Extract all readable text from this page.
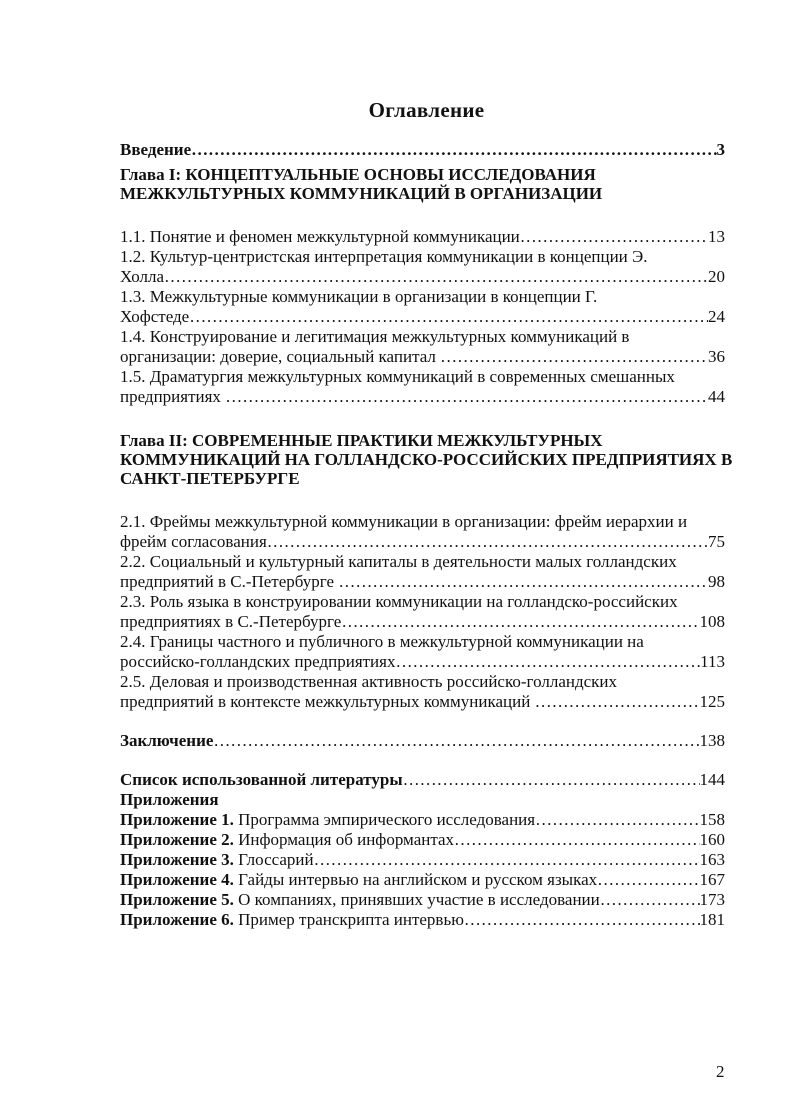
Оглавление
Введение ……………………………………………………………………………………………………………………………………………………………	3
Глава I: КОНЦЕПТУАЛЬНЫЕ ОСНОВЫ ИССЛЕДОВАНИЯ
МЕЖКУЛЬТУРНЫХ КОММУНИКАЦИЙ В ОРГАНИЗАЦИИ
1.1. Понятие и феномен межкультурной коммуникации ……………………………………………………………………………………………………………………………………………………………	13
1.2. Культур-центристская интерпретация коммуникации в концепции Э.
Холла ……………………………………………………………………………………………………………………………………………………………	20
1.3. Межкультурные коммуникации в организации в концепции Г.
Хофстеде ……………………………………………………………………………………………………………………………………………………………	24
1.4. Конструирование и легитимация межкультурных коммуникаций в
организации: доверие, социальный капитал ……………………………………………………………………………………………………………………………………………………………	36
1.5. Драматургия межкультурных коммуникаций в современных смешанных
предприятиях ……………………………………………………………………………………………………………………………………………………………	44
Глава II: СОВРЕМЕННЫЕ ПРАКТИКИ МЕЖКУЛЬТУРНЫХ
КОММУНИКАЦИЙ НА ГОЛЛАНДСКО-РОССИЙСКИХ ПРЕДПРИЯТИЯХ В
САНКТ-ПЕТЕРБУРГЕ
2.1. Фреймы межкультурной коммуникации в организации: фрейм иерархии и
фрейм согласования ……………………………………………………………………………………………………………………………………………………………	75
2.2. Социальный и культурный капиталы в деятельности малых голландских
предприятий в С.-Петербурге ……………………………………………………………………………………………………………………………………………………………	98
2.3. Роль языка в конструировании коммуникации на голландско-российских
предприятиях в С.-Петербурге ……………………………………………………………………………………………………………………………………………………………	108
2.4. Границы частного и публичного в межкультурной коммуникации на
российско-голландских предприятиях ……………………………………………………………………………………………………………………………………………………………	113
2.5. Деловая и производственная активность российско-голландских
предприятий в контексте межкультурных коммуникаций ……………………………………………………………………………………………………………………………………………………………	125
Заключение ……………………………………………………………………………………………………………………………………………………………	138
Список использованной литературы ……………………………………………………………………………………………………………………………………………………………	144
Приложения
Приложение 1. Программа эмпирического исследования ……………………………………………………………………………………………………………………………………………………………	158
Приложение 2. Информация об информантах ……………………………………………………………………………………………………………………………………………………………	160
Приложение 3. Глоссарий ……………………………………………………………………………………………………………………………………………………………	163
Приложение 4. Гайды интервью на английском и русском языках ……………………………………………………………………………………………………………………………………………………………	167
Приложение 5. О компаниях, принявших участие в исследовании ……………………………………………………………………………………………………………………………………………………………	173
Приложение 6. Пример транскрипта интервью ……………………………………………………………………………………………………………………………………………………………	181
2
